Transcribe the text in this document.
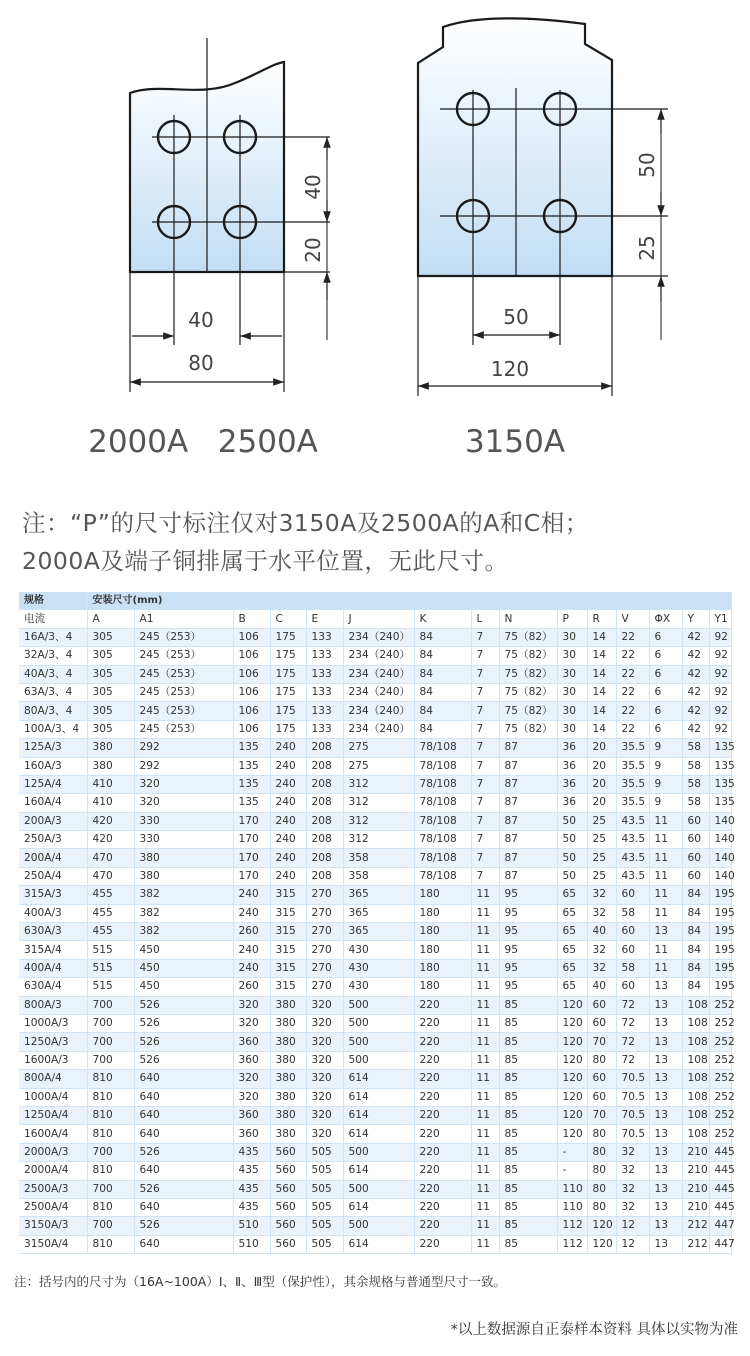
40
20
40
80
2000A   2500A
50
25
50
120
3150A
注：“P”的尺寸标注仅对3150A及2500A的A和C相；
2000A及端子铜排属于水平位置，无此尺寸。
规格	安装尺寸(mm)														
电流	A	A1	B	C	E	J	K	L	N	P	R	V	ΦX	Y	Y1
16A/3、4	305	245（253）	106	175	133	234（240）	84	7	75（82）	30	14	22	6	42	92
32A/3、4	305	245（253）	106	175	133	234（240）	84	7	75（82）	30	14	22	6	42	92
40A/3、4	305	245（253）	106	175	133	234（240）	84	7	75（82）	30	14	22	6	42	92
63A/3、4	305	245（253）	106	175	133	234（240）	84	7	75（82）	30	14	22	6	42	92
80A/3、4	305	245（253）	106	175	133	234（240）	84	7	75（82）	30	14	22	6	42	92
100A/3、4	305	245（253）	106	175	133	234（240）	84	7	75（82）	30	14	22	6	42	92
125A/3	380	292	135	240	208	275	78/108	7	87	36	20	35.5	9	58	135
160A/3	380	292	135	240	208	275	78/108	7	87	36	20	35.5	9	58	135
125A/4	410	320	135	240	208	312	78/108	7	87	36	20	35.5	9	58	135
160A/4	410	320	135	240	208	312	78/108	7	87	36	20	35.5	9	58	135
200A/3	420	330	170	240	208	312	78/108	7	87	50	25	43.5	11	60	140
250A/3	420	330	170	240	208	312	78/108	7	87	50	25	43.5	11	60	140
200A/4	470	380	170	240	208	358	78/108	7	87	50	25	43.5	11	60	140
250A/4	470	380	170	240	208	358	78/108	7	87	50	25	43.5	11	60	140
315A/3	455	382	240	315	270	365	180	11	95	65	32	60	11	84	195
400A/3	455	382	240	315	270	365	180	11	95	65	32	58	11	84	195
630A/3	455	382	260	315	270	365	180	11	95	65	40	60	13	84	195
315A/4	515	450	240	315	270	430	180	11	95	65	32	60	11	84	195
400A/4	515	450	240	315	270	430	180	11	95	65	32	58	11	84	195
630A/4	515	450	260	315	270	430	180	11	95	65	40	60	13	84	195
800A/3	700	526	320	380	320	500	220	11	85	120	60	72	13	108	252
1000A/3	700	526	320	380	320	500	220	11	85	120	60	72	13	108	252
1250A/3	700	526	360	380	320	500	220	11	85	120	70	72	13	108	252
1600A/3	700	526	360	380	320	500	220	11	85	120	80	72	13	108	252
800A/4	810	640	320	380	320	614	220	11	85	120	60	70.5	13	108	252
1000A/4	810	640	320	380	320	614	220	11	85	120	60	70.5	13	108	252
1250A/4	810	640	360	380	320	614	220	11	85	120	70	70.5	13	108	252
1600A/4	810	640	360	380	320	614	220	11	85	120	80	70.5	13	108	252
2000A/3	700	526	435	560	505	500	220	11	85	-	80	32	13	210	445
2000A/4	810	640	435	560	505	614	220	11	85	-	80	32	13	210	445
2500A/3	700	526	435	560	505	500	220	11	85	110	80	32	13	210	445
2500A/4	810	640	435	560	505	614	220	11	85	110	80	32	13	210	445
3150A/3	700	526	510	560	505	500	220	11	85	112	120	12	13	212	447
3150A/4	810	640	510	560	505	614	220	11	85	112	120	12	13	212	447
注：括号内的尺寸为（16A~100A）Ⅰ、Ⅱ、Ⅲ型（保护性），其余规格与普通型尺寸一致。
*以上数据源自正泰样本资料 具体以实物为准
